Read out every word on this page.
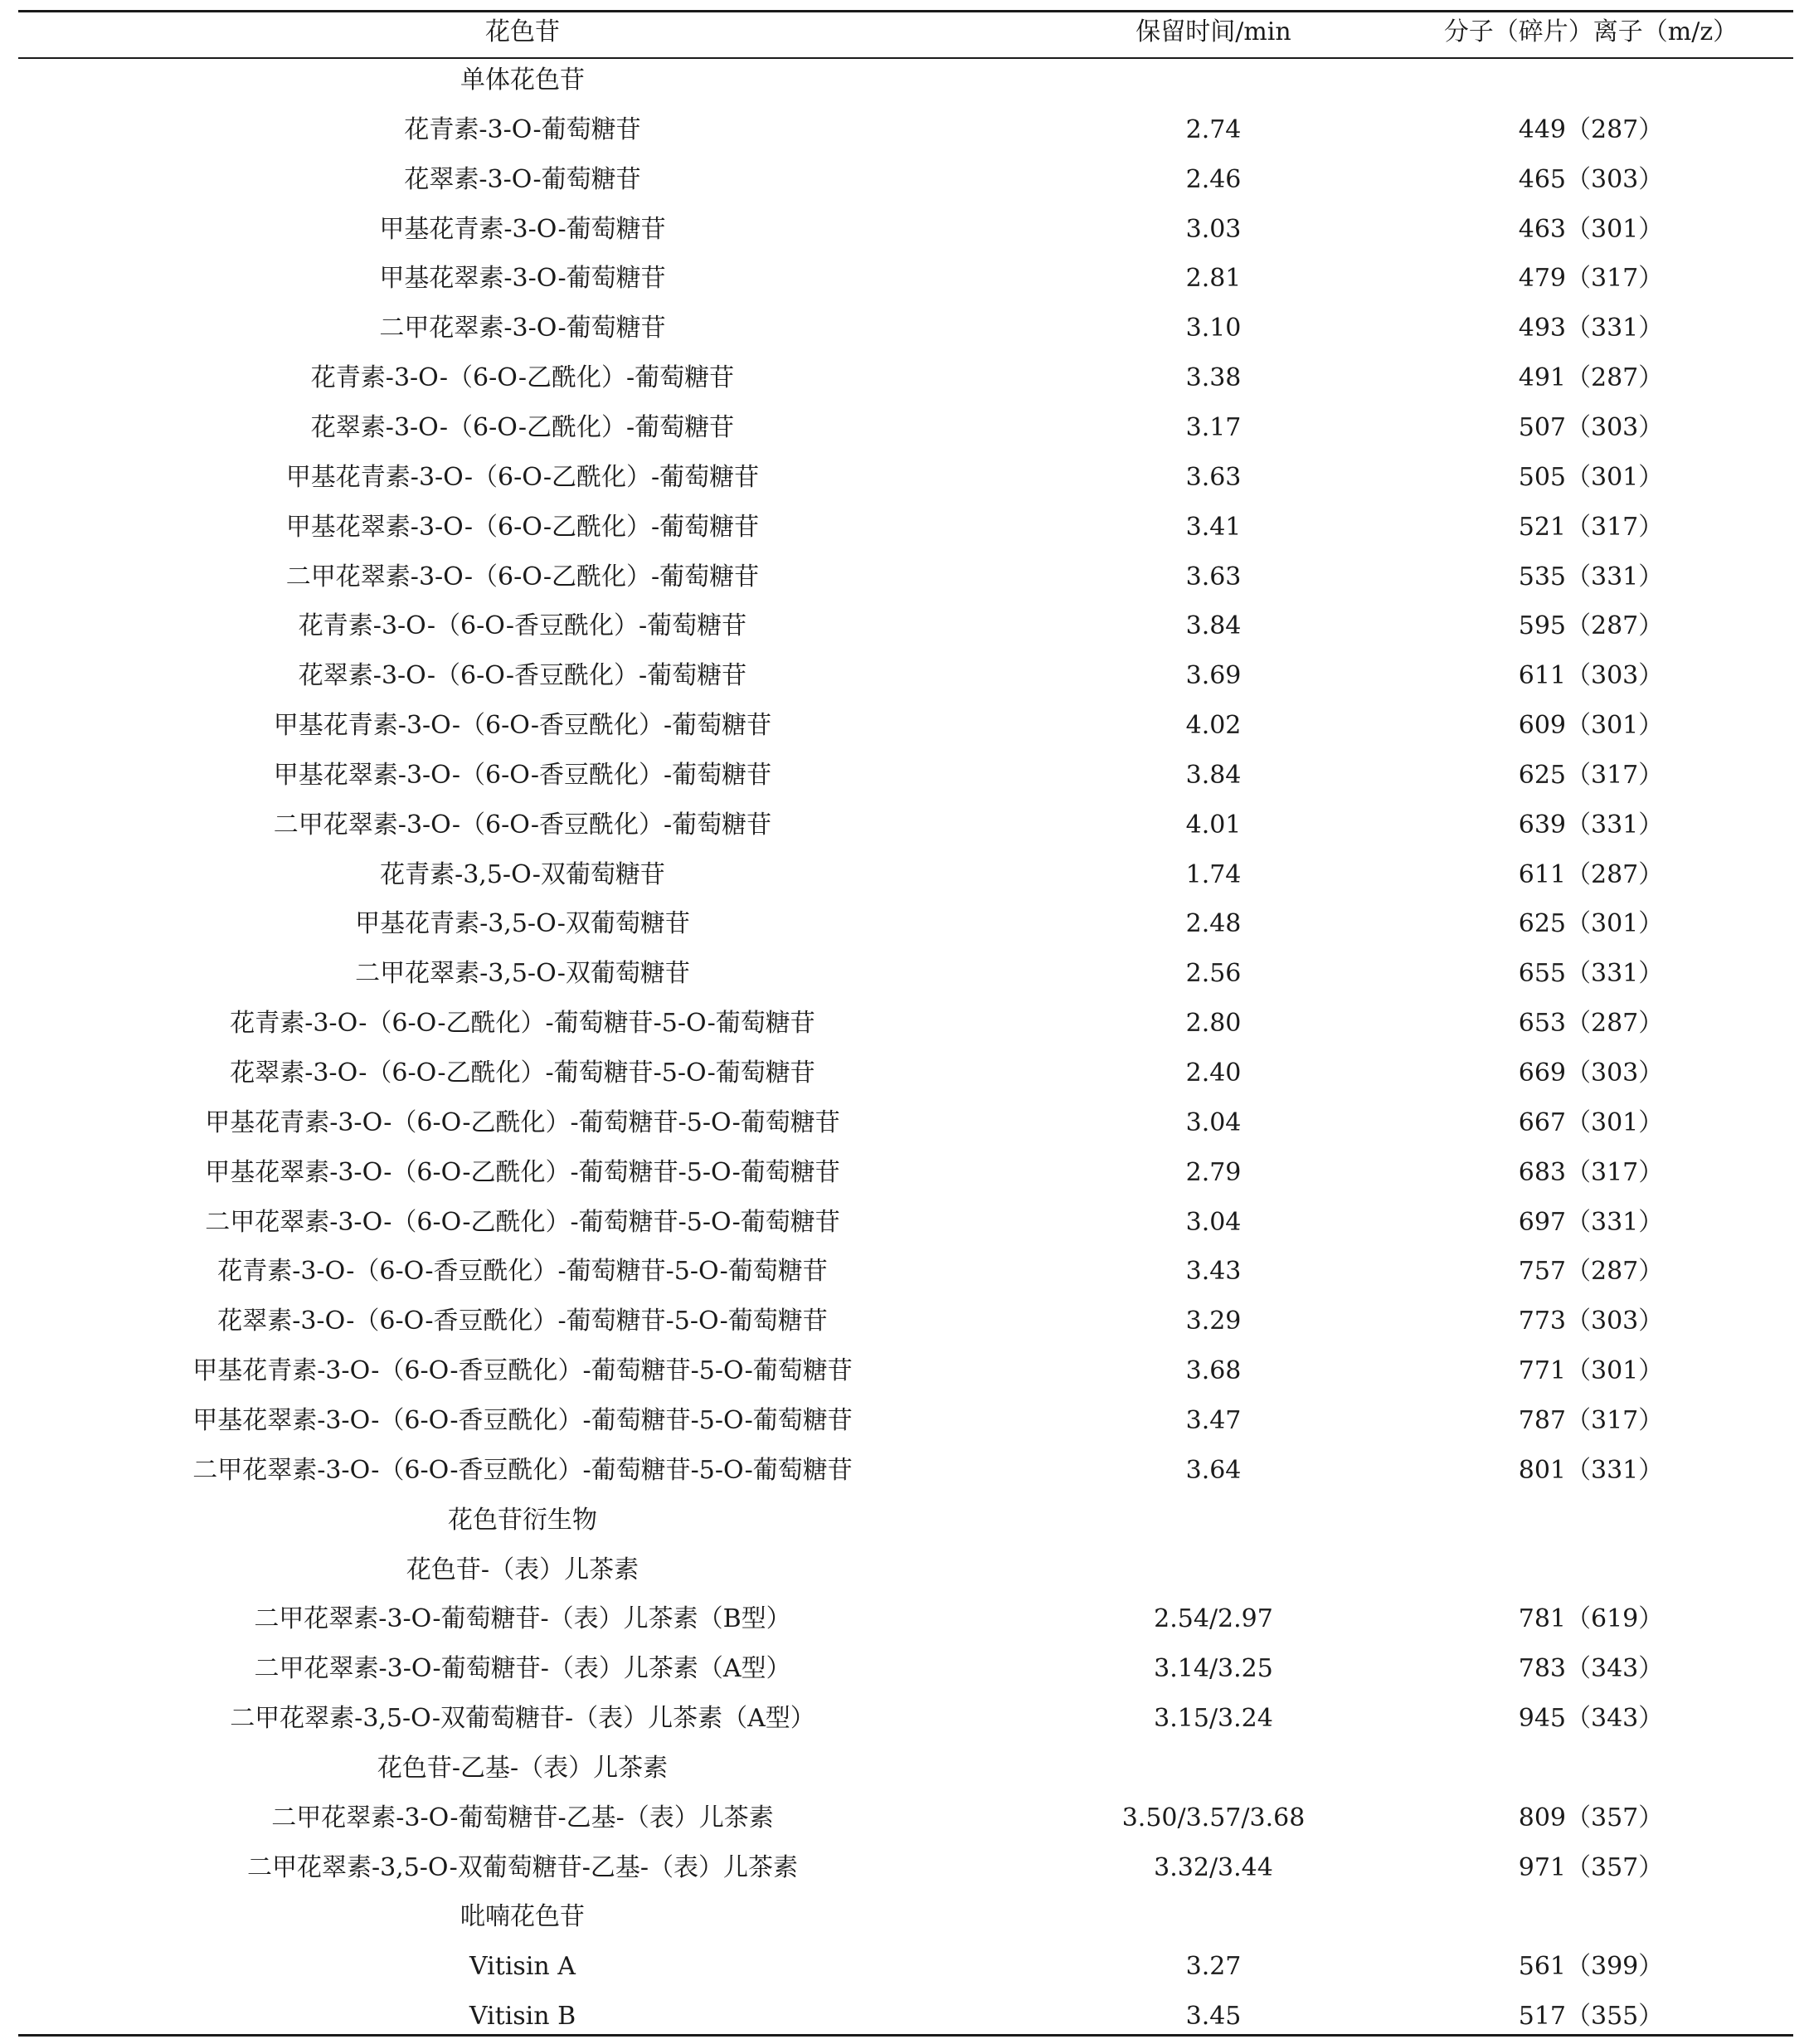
花色苷	保留时间/min	分子（碎片）离子（m/z）
单体花色苷
花青素-3-O-葡萄糖苷	2.74	449（287）
花翠素-3-O-葡萄糖苷	2.46	465（303）
甲基花青素-3-O-葡萄糖苷	3.03	463（301）
甲基花翠素-3-O-葡萄糖苷	2.81	479（317）
二甲花翠素-3-O-葡萄糖苷	3.10	493（331）
花青素-3-O-（6-O-乙酰化）-葡萄糖苷	3.38	491（287）
花翠素-3-O-（6-O-乙酰化）-葡萄糖苷	3.17	507（303）
甲基花青素-3-O-（6-O-乙酰化）-葡萄糖苷	3.63	505（301）
甲基花翠素-3-O-（6-O-乙酰化）-葡萄糖苷	3.41	521（317）
二甲花翠素-3-O-（6-O-乙酰化）-葡萄糖苷	3.63	535（331）
花青素-3-O-（6-O-香豆酰化）-葡萄糖苷	3.84	595（287）
花翠素-3-O-（6-O-香豆酰化）-葡萄糖苷	3.69	611（303）
甲基花青素-3-O-（6-O-香豆酰化）-葡萄糖苷	4.02	609（301）
甲基花翠素-3-O-（6-O-香豆酰化）-葡萄糖苷	3.84	625（317）
二甲花翠素-3-O-（6-O-香豆酰化）-葡萄糖苷	4.01	639（331）
花青素-3,5-O-双葡萄糖苷	1.74	611（287）
甲基花青素-3,5-O-双葡萄糖苷	2.48	625（301）
二甲花翠素-3,5-O-双葡萄糖苷	2.56	655（331）
花青素-3-O-（6-O-乙酰化）-葡萄糖苷-5-O-葡萄糖苷	2.80	653（287）
花翠素-3-O-（6-O-乙酰化）-葡萄糖苷-5-O-葡萄糖苷	2.40	669（303）
甲基花青素-3-O-（6-O-乙酰化）-葡萄糖苷-5-O-葡萄糖苷	3.04	667（301）
甲基花翠素-3-O-（6-O-乙酰化）-葡萄糖苷-5-O-葡萄糖苷	2.79	683（317）
二甲花翠素-3-O-（6-O-乙酰化）-葡萄糖苷-5-O-葡萄糖苷	3.04	697（331）
花青素-3-O-（6-O-香豆酰化）-葡萄糖苷-5-O-葡萄糖苷	3.43	757（287）
花翠素-3-O-（6-O-香豆酰化）-葡萄糖苷-5-O-葡萄糖苷	3.29	773（303）
甲基花青素-3-O-（6-O-香豆酰化）-葡萄糖苷-5-O-葡萄糖苷	3.68	771（301）
甲基花翠素-3-O-（6-O-香豆酰化）-葡萄糖苷-5-O-葡萄糖苷	3.47	787（317）
二甲花翠素-3-O-（6-O-香豆酰化）-葡萄糖苷-5-O-葡萄糖苷	3.64	801（331）
花色苷衍生物
花色苷-（表）儿茶素
二甲花翠素-3-O-葡萄糖苷-（表）儿茶素（B型）	2.54/2.97	781（619）
二甲花翠素-3-O-葡萄糖苷-（表）儿茶素（A型）	3.14/3.25	783（343）
二甲花翠素-3,5-O-双葡萄糖苷-（表）儿茶素（A型）	3.15/3.24	945（343）
花色苷-乙基-（表）儿茶素
二甲花翠素-3-O-葡萄糖苷-乙基-（表）儿茶素	3.50/3.57/3.68	809（357）
二甲花翠素-3,5-O-双葡萄糖苷-乙基-（表）儿茶素	3.32/3.44	971（357）
吡喃花色苷
Vitisin A	3.27	561（399）
Vitisin B	3.45	517（355）
